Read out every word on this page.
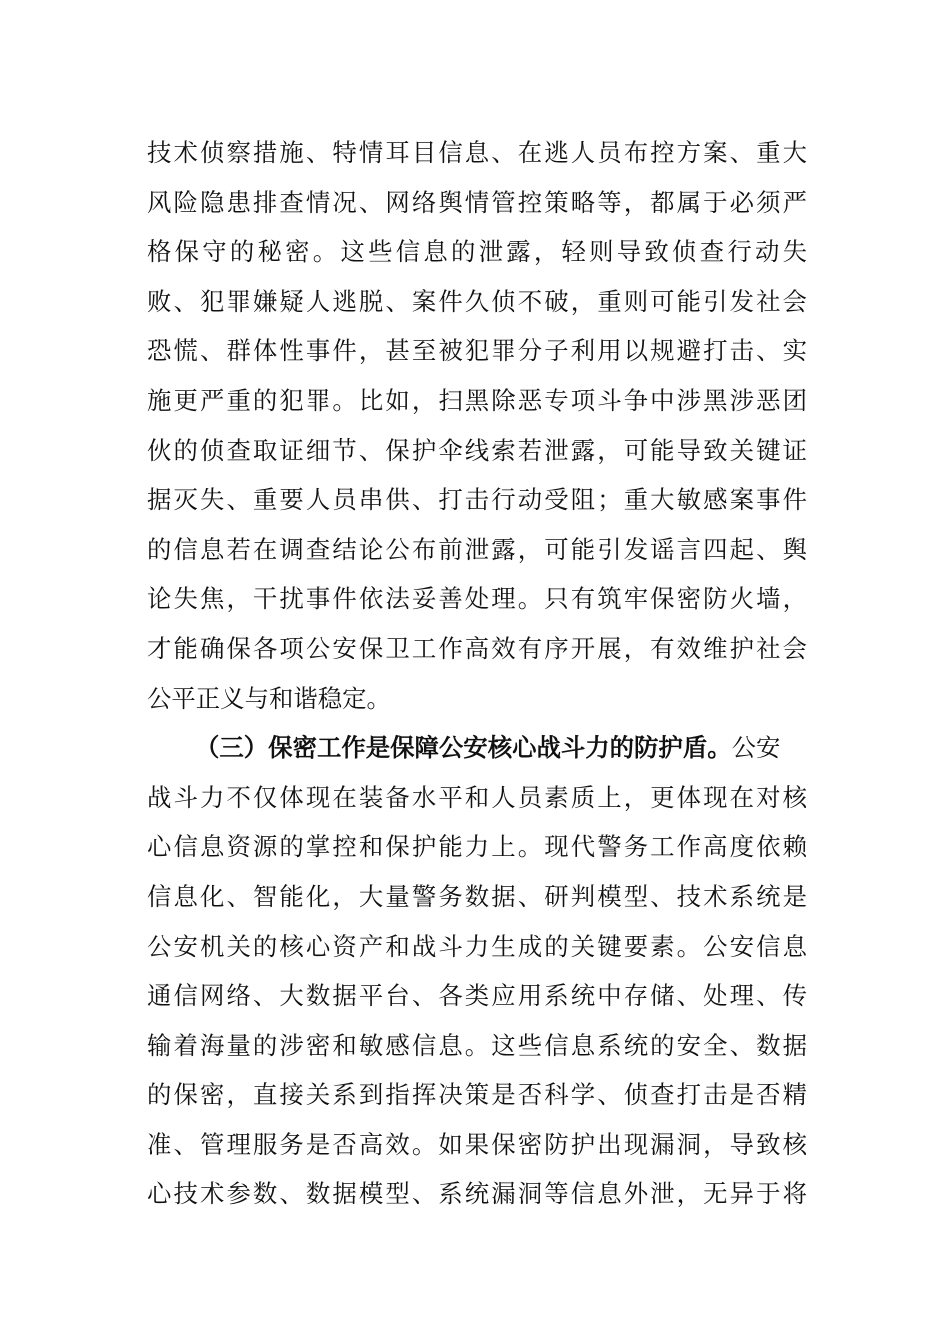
技术侦察措施、特情耳目信息、在逃人员布控方案、重大
风险隐患排查情况、网络舆情管控策略等，都属于必须严
格保守的秘密。这些信息的泄露，轻则导致侦查行动失
败、犯罪嫌疑人逃脱、案件久侦不破，重则可能引发社会
恐慌、群体性事件，甚至被犯罪分子利用以规避打击、实
施更严重的犯罪。比如，扫黑除恶专项斗争中涉黑涉恶团
伙的侦查取证细节、保护伞线索若泄露，可能导致关键证
据灭失、重要人员串供、打击行动受阻；重大敏感案事件
的信息若在调查结论公布前泄露，可能引发谣言四起、舆
论失焦，干扰事件依法妥善处理。只有筑牢保密防火墙，
才能确保各项公安保卫工作高效有序开展，有效维护社会
公平正义与和谐稳定。
（三）保密工作是保障公安核心战斗力的防护盾。公安
战斗力不仅体现在装备水平和人员素质上，更体现在对核
心信息资源的掌控和保护能力上。现代警务工作高度依赖
信息化、智能化，大量警务数据、研判模型、技术系统是
公安机关的核心资产和战斗力生成的关键要素。公安信息
通信网络、大数据平台、各类应用系统中存储、处理、传
输着海量的涉密和敏感信息。这些信息系统的安全、数据
的保密，直接关系到指挥决策是否科学、侦查打击是否精
准、管理服务是否高效。如果保密防护出现漏洞，导致核
心技术参数、数据模型、系统漏洞等信息外泄，无异于将
